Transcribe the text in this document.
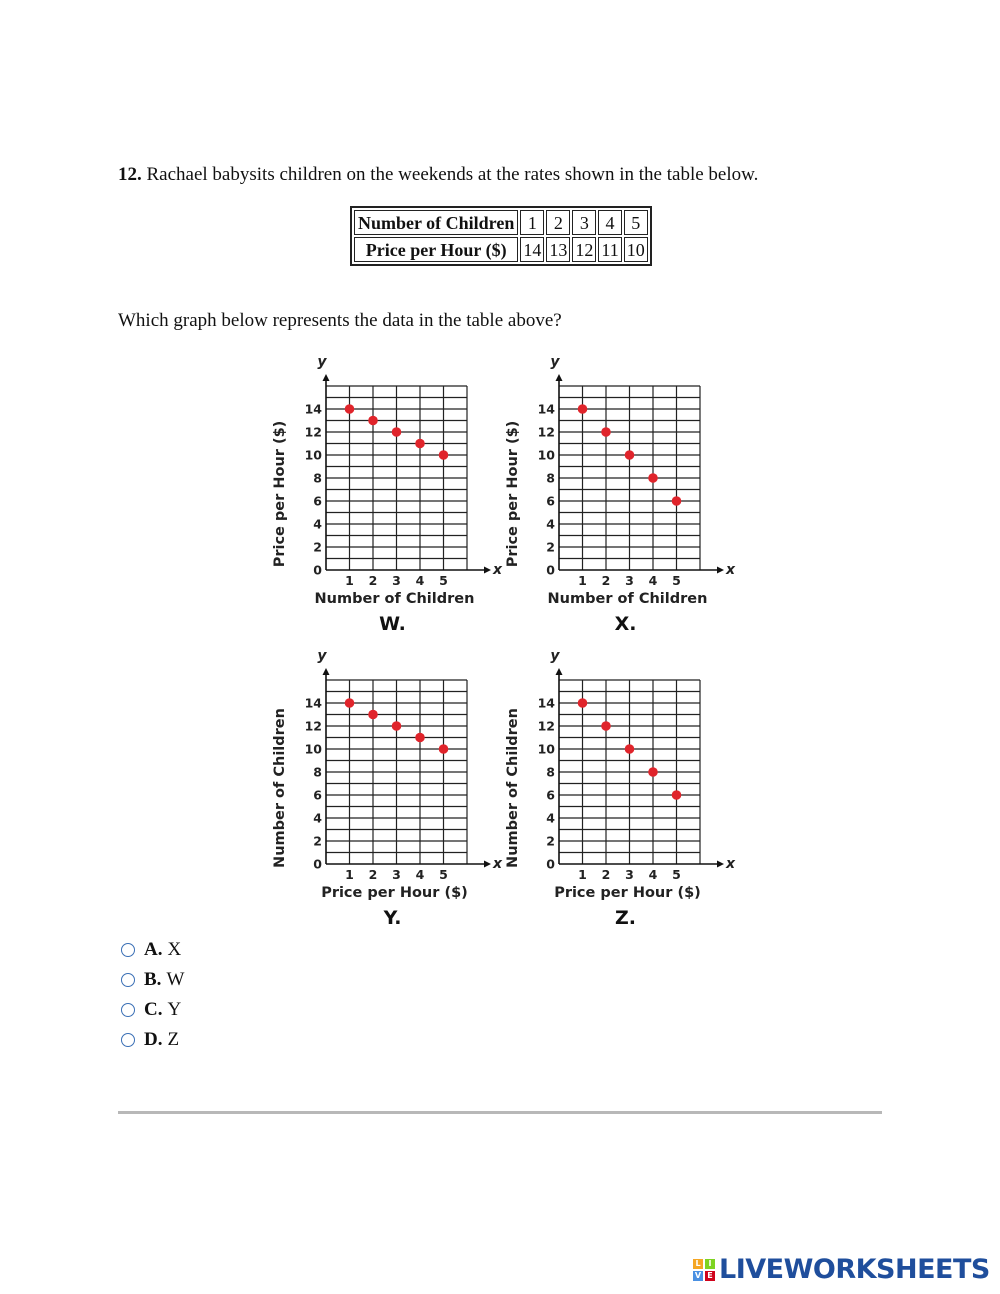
12. Rachael babysits children on the weekends at the rates shown in the table below.
Number of Children	1	2	3	4	5
Price per Hour ($)	14	13	12	11	10
Which graph below represents the data in the table above?
x
y
0
2
4
6
8
10
12
14
1 2 3 4 5
Number of Children
Price per Hour ($)
W.
x
y
0
2
4
6
8
10
12
14
1 2 3 4 5
Number of Children
Price per Hour ($)
X.
x
y
0
2
4
6
8
10
12
14
1 2 3 4 5
Price per Hour ($)
Number of Children
Y.
x
y
0
2
4
6
8
10
12
14
1 2 3 4 5
Price per Hour ($)
Number of Children
Z.
A. X
B. W
C. Y
D. Z
L I
V E LIVEWORKSHEETS
